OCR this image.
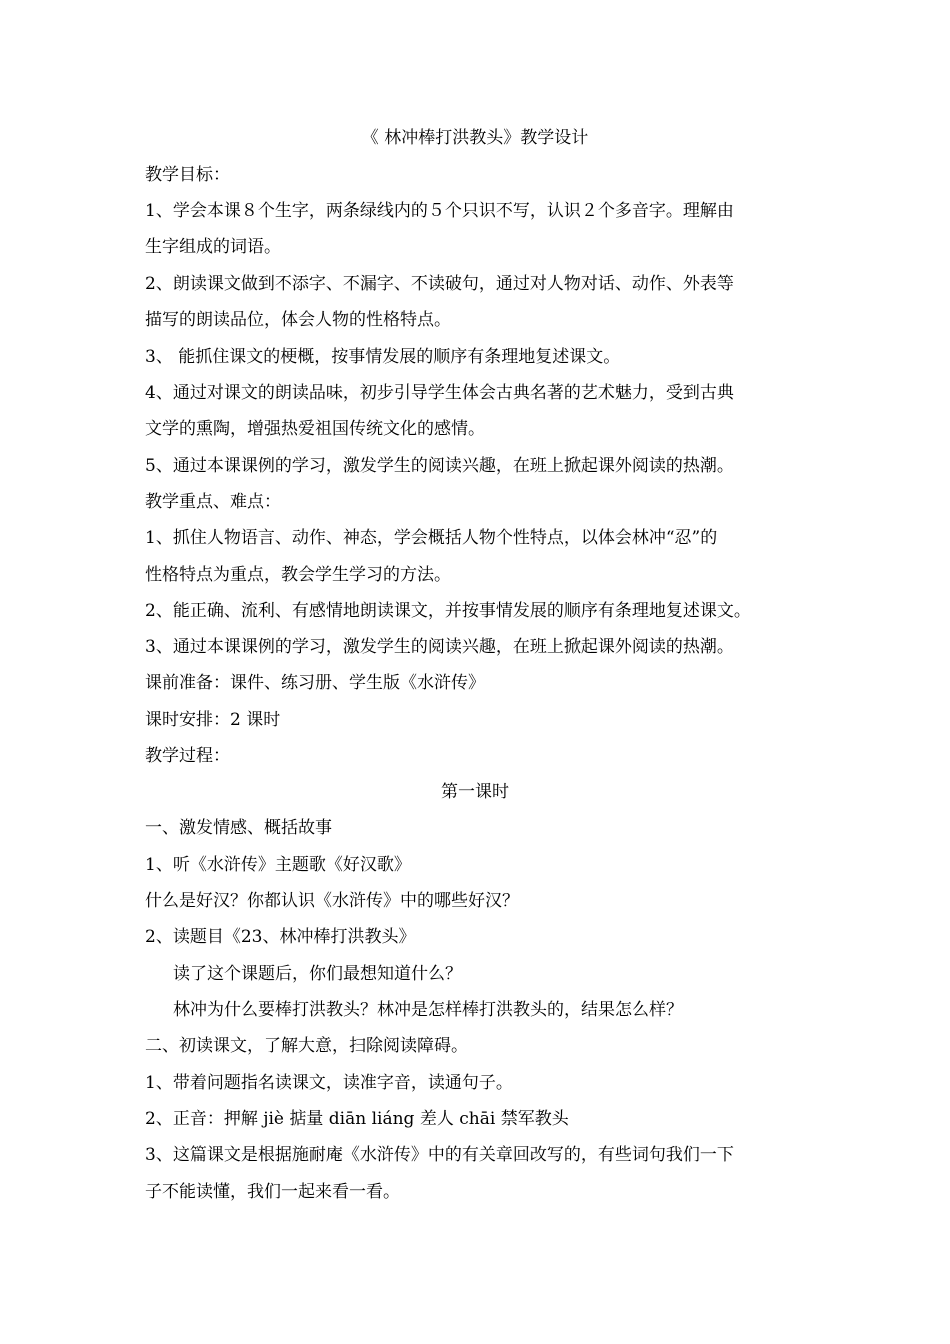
《 林冲棒打洪教头》教学设计
教学目标：
1、学会本课８个生字，两条绿线内的５个只识不写，认识２个多音字。理解由
生字组成的词语。
2、朗读课文做到不添字、不漏字、不读破句，通过对人物对话、动作、外表等
描写的朗读品位，体会人物的性格特点。
3、 能抓住课文的梗概，按事情发展的顺序有条理地复述课文。
4、通过对课文的朗读品味，初步引导学生体会古典名著的艺术魅力，受到古典
文学的熏陶，增强热爱祖国传统文化的感情。
5、通过本课课例的学习，激发学生的阅读兴趣，在班上掀起课外阅读的热潮。
教学重点、难点：
1、抓住人物语言、动作、神态，学会概括人物个性特点，以体会林冲“忍”的
性格特点为重点，教会学生学习的方法。
2、能正确、流利、有感情地朗读课文，并按事情发展的顺序有条理地复述课文。
3、通过本课课例的学习，激发学生的阅读兴趣，在班上掀起课外阅读的热潮。
课前准备：课件、练习册、学生版《水浒传》
课时安排：2 课时
教学过程：
第一课时
一、激发情感、概括故事
1、听《水浒传》主题歌《好汉歌》
什么是好汉？你都认识《水浒传》中的哪些好汉？
2、读题目《23、林冲棒打洪教头》
读了这个课题后，你们最想知道什么？
林冲为什么要棒打洪教头？林冲是怎样棒打洪教头的，结果怎么样？
二、初读课文，了解大意，扫除阅读障碍。
1、带着问题指名读课文，读准字音，读通句子。
2、正音：押解 jiè 掂量 diān liáng 差人 chāi 禁军教头
3、这篇课文是根据施耐庵《水浒传》中的有关章回改写的，有些词句我们一下
子不能读懂，我们一起来看一看。
